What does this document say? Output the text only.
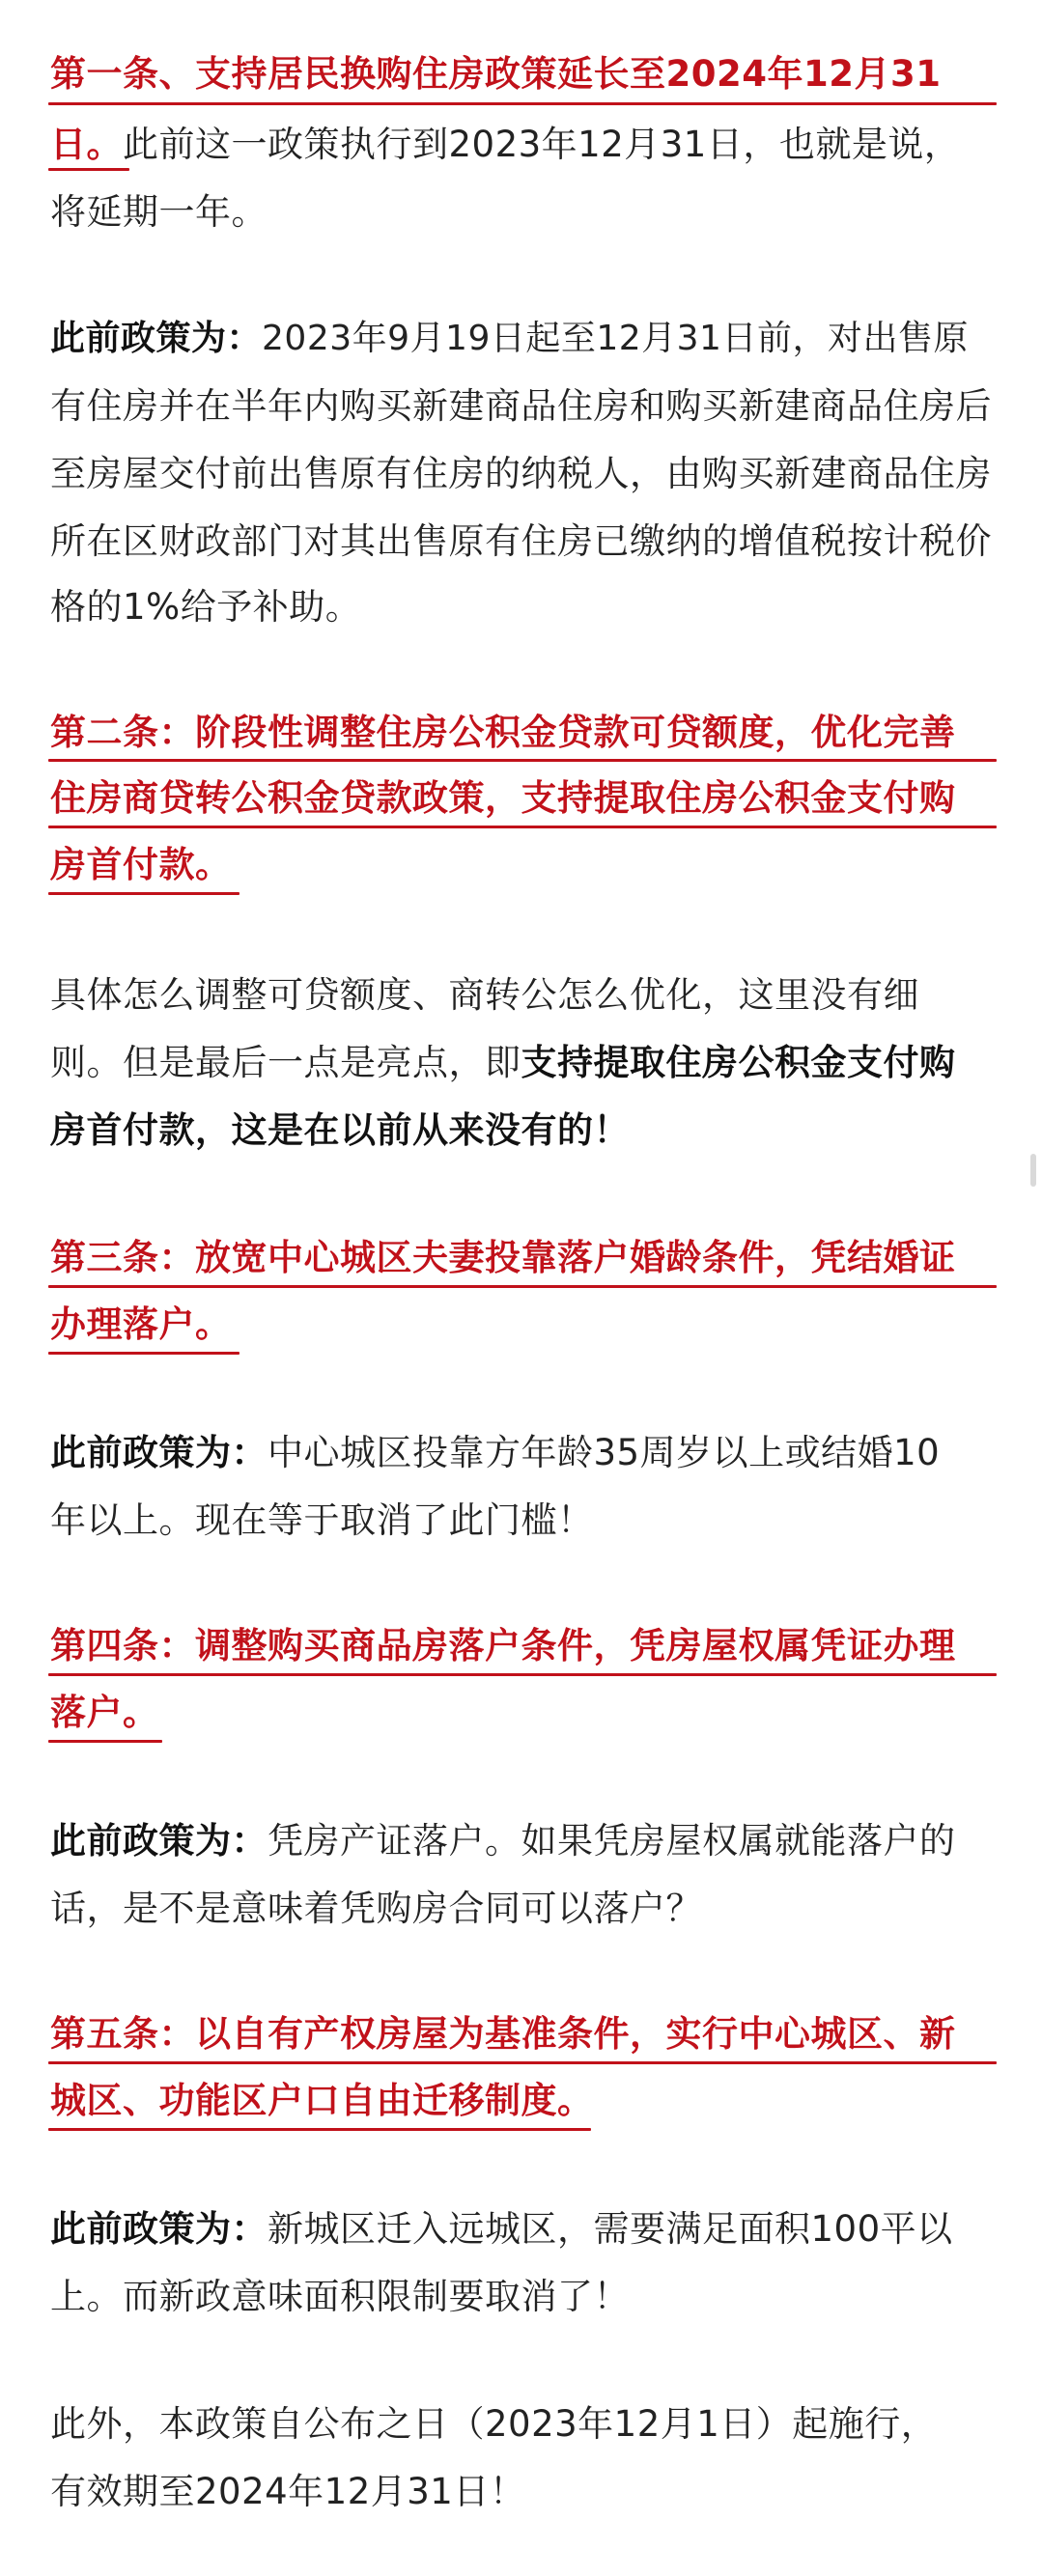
第一条、支持居民换购住房政策延长至2024年12月31
日。此前这一政策执行到2023年12月31日，也就是说，
将延期一年。
此前政策为：2023年9月19日起至12月31日前，对出售原
有住房并在半年内购买新建商品住房和购买新建商品住房后
至房屋交付前出售原有住房的纳税人，由购买新建商品住房
所在区财政部门对其出售原有住房已缴纳的增值税按计税价
格的1%给予补助。
第二条：阶段性调整住房公积金贷款可贷额度，优化完善
住房商贷转公积金贷款政策，支持提取住房公积金支付购
房首付款。
具体怎么调整可贷额度、商转公怎么优化，这里没有细
则。但是最后一点是亮点，即支持提取住房公积金支付购
房首付款，这是在以前从来没有的！
第三条：放宽中心城区夫妻投靠落户婚龄条件，凭结婚证
办理落户。
此前政策为：中心城区投靠方年龄35周岁以上或结婚10
年以上。现在等于取消了此门槛！
第四条：调整购买商品房落户条件，凭房屋权属凭证办理
落户。
此前政策为：凭房产证落户。如果凭房屋权属就能落户的
话，是不是意味着凭购房合同可以落户？
第五条：以自有产权房屋为基准条件，实行中心城区、新
城区、功能区户口自由迁移制度。
此前政策为：新城区迁入远城区，需要满足面积100平以
上。而新政意味面积限制要取消了！
此外，本政策自公布之日（2023年12月1日）起施行，
有效期至2024年12月31日！
